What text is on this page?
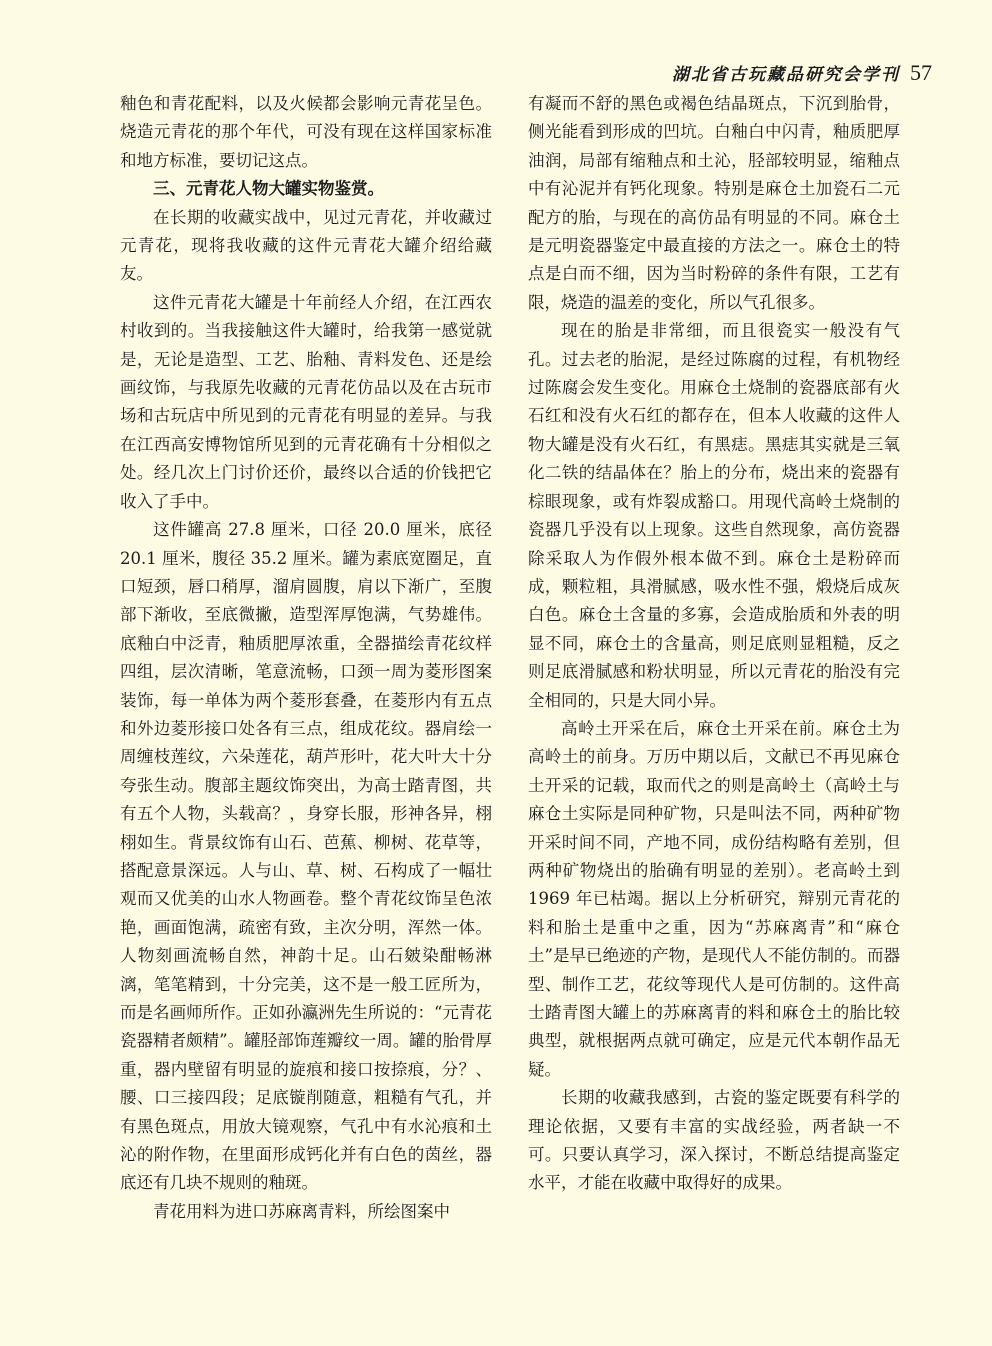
湖北省古玩藏品研究会学刊 57

釉色和青花配料，以及火候都会影响元青花呈色。烧造元青花的那个年代，可没有现在这样国家标准和地方标准，要切记这点。

三、元青花人物大罐实物鉴赏。

在长期的收藏实战中，见过元青花，并收藏过元青花，现将我收藏的这件元青花大罐介绍给藏友。

这件元青花大罐是十年前经人介绍，在江西农村收到的。当我接触这件大罐时，给我第一感觉就是，无论是造型、工艺、胎釉、青料发色、还是绘画纹饰，与我原先收藏的元青花仿品以及在古玩市场和古玩店中所见到的元青花有明显的差异。与我在江西高安博物馆所见到的元青花确有十分相似之处。经几次上门讨价还价，最终以合适的价钱把它收入了手中。

这件罐高 27.8 厘米，口径 20.0 厘米，底径 20.1 厘米，腹径 35.2 厘米。罐为素底宽圈足，直口短颈，唇口稍厚，溜肩圆腹，肩以下渐广，至腹部下渐收，至底微撇，造型浑厚饱满，气势雄伟。底釉白中泛青，釉质肥厚浓重，全器描绘青花纹样四组，层次清晰，笔意流畅，口颈一周为菱形图案装饰，每一单体为两个菱形套叠，在菱形内有五点和外边菱形接口处各有三点，组成花纹。器肩绘一周缠枝莲纹，六朵莲花，葫芦形叶，花大叶大十分夸张生动。腹部主题纹饰突出，为高士踏青图，共有五个人物，头载高？，身穿长服，形神各异，栩栩如生。背景纹饰有山石、芭蕉、柳树、花草等，搭配意景深远。人与山、草、树、石构成了一幅壮观而又优美的山水人物画卷。整个青花纹饰呈色浓艳，画面饱满，疏密有致，主次分明，浑然一体。人物刻画流畅自然，神韵十足。山石皴染酣畅淋漓，笔笔精到，十分完美，这不是一般工匠所为，而是名画师所作。正如孙瀛洲先生所说的：“元青花瓷器精者颇精”。罐胫部饰莲瓣纹一周。罐的胎骨厚重，器内壁留有明显的旋痕和接口按捺痕，分？、腰、口三接四段；足底镟削随意，粗糙有气孔，并有黑色斑点，用放大镜观察，气孔中有水沁痕和土沁的附作物，在里面形成钙化并有白色的茵丝，器底还有几块不规则的釉斑。

青花用料为进口苏麻离青料，所绘图案中

有凝而不舒的黑色或褐色结晶斑点，下沉到胎骨，侧光能看到形成的凹坑。白釉白中闪青，釉质肥厚油润，局部有缩釉点和土沁，胫部较明显，缩釉点中有沁泥并有钙化现象。特别是麻仓土加瓷石二元配方的胎，与现在的高仿品有明显的不同。麻仓土是元明瓷器鉴定中最直接的方法之一。麻仓土的特点是白而不细，因为当时粉碎的条件有限，工艺有限，烧造的温差的变化，所以气孔很多。

现在的胎是非常细，而且很瓷实一般没有气孔。过去老的胎泥，是经过陈腐的过程，有机物经过陈腐会发生变化。用麻仓土烧制的瓷器底部有火石红和没有火石红的都存在，但本人收藏的这件人物大罐是没有火石红，有黑痣。黑痣其实就是三氧化二铁的结晶体在？胎上的分布，烧出来的瓷器有棕眼现象，或有炸裂成豁口。用现代高岭土烧制的瓷器几乎没有以上现象。这些自然现象，高仿瓷器除采取人为作假外根本做不到。麻仓土是粉碎而成，颗粒粗，具滑腻感，吸水性不强，煅烧后成灰白色。麻仓土含量的多寡，会造成胎质和外表的明显不同，麻仓土的含量高，则足底则显粗糙，反之则足底滑腻感和粉状明显，所以元青花的胎没有完全相同的，只是大同小异。

高岭土开采在后，麻仓土开采在前。麻仓土为高岭土的前身。万历中期以后，文献已不再见麻仓土开采的记载，取而代之的则是高岭土（高岭土与麻仓土实际是同种矿物，只是叫法不同，两种矿物开采时间不同，产地不同，成份结构略有差别，但两种矿物烧出的胎确有明显的差别）。老高岭土到 1969 年已枯竭。据以上分析研究，辩别元青花的料和胎土是重中之重，因为“苏麻离青”和“麻仓土”是早已绝迹的产物，是现代人不能仿制的。而器型、制作工艺，花纹等现代人是可仿制的。这件高士踏青图大罐上的苏麻离青的料和麻仓土的胎比较典型，就根据两点就可确定，应是元代本朝作品无疑。

长期的收藏我感到，古瓷的鉴定既要有科学的理论依据，又要有丰富的实战经验，两者缺一不可。只要认真学习，深入探讨，不断总结提高鉴定水平，才能在收藏中取得好的成果。
